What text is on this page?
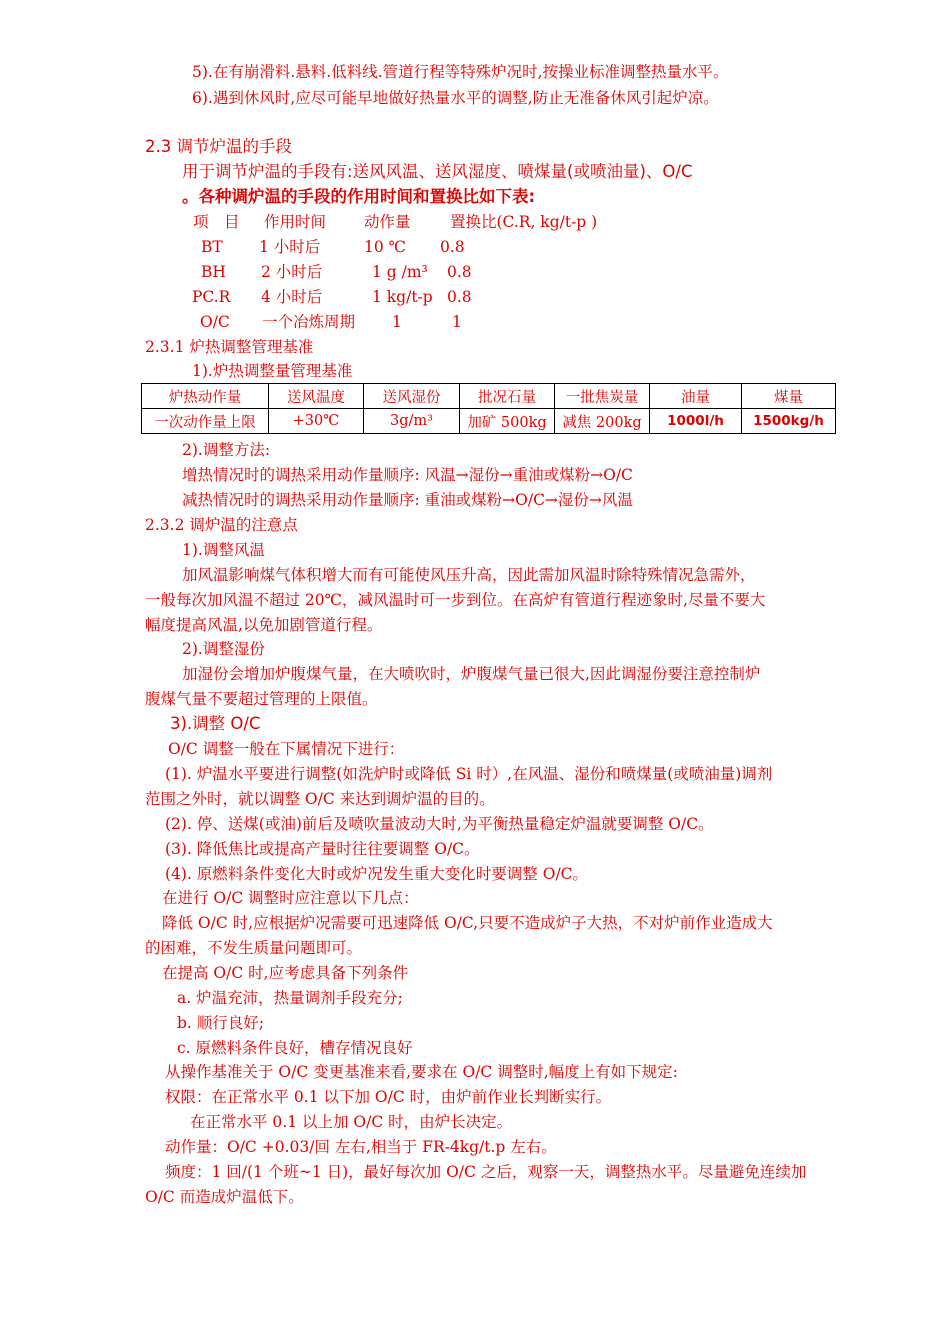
5).在有崩滑料.悬料.低料线.管道行程等特殊炉况时,按操业标准调整热量水平。
6).遇到休风时,应尽可能早地做好热量水平的调整,防止无准备休风引起炉凉。
2.3 调节炉温的手段
用于调节炉温的手段有:送风风温、送风湿度、喷煤量(或喷油量)、O/C
。各种调炉温的手段的作用时间和置换比如下表:
项　目 作用时间 动作量	置换比(C.R, kg/t-p )
BT 1 小时后	10 ℃ 0.8
BH 2 小时后	1 g /m³ 0.8
PC.R 4 小时后	1 kg/t-p 0.8
O/C 一个冶炼周期 1	1
2.3.1 炉热调整管理基准
1).炉热调整量管理基准
炉热动作量	送风温度	送风湿份	批况石量	一批焦炭量	油量	煤量
一次动作量上限	+30℃	3g/m³	加矿 500kg	减焦 200kg	1000l/h	1500kg/h
2).调整方法:
增热情况时的调热采用动作量顺序: 风温→湿份→重油或煤粉→O/C
减热情况时的调热采用动作量顺序: 重油或煤粉→O/C→湿份→风温
2.3.2 调炉温的注意点
1).调整风温
加风温影响煤气体积增大而有可能使风压升高，因此需加风温时除特殊情况急需外，
一般每次加风温不超过 20℃，减风温时可一步到位。在高炉有管道行程迹象时,尽量不要大
幅度提高风温,以免加剧管道行程。
2).调整湿份
加湿份会增加炉腹煤气量，在大喷吹时，炉腹煤气量已很大,因此调湿份要注意控制炉
腹煤气量不要超过管理的上限值。
3).调整 O/C
O/C 调整一般在下属情况下进行：
(1). 炉温水平要进行调整(如洗炉时或降低 Si 时）,在风温、湿份和喷煤量(或喷油量)调剂
范围之外时，就以调整 O/C 来达到调炉温的目的。
(2). 停、送煤(或油)前后及喷吹量波动大时,为平衡热量稳定炉温就要调整 O/C。
(3). 降低焦比或提高产量时往往要调整 O/C。
(4). 原燃料条件变化大时或炉况发生重大变化时要调整 O/C。
在进行 O/C 调整时应注意以下几点：
降低 O/C 时,应根据炉况需要可迅速降低 O/C,只要不造成炉子大热，不对炉前作业造成大
的困难，不发生质量问题即可。
在提高 O/C 时,应考虑具备下列条件
a. 炉温充沛，热量调剂手段充分;
b. 顺行良好;
c. 原燃料条件良好，槽存情况良好
从操作基准关于 O/C 变更基准来看,要求在 O/C 调整时,幅度上有如下规定:
权限：在正常水平 0.1 以下加 O/C 时，由炉前作业长判断实行。
在正常水平 0.1 以上加 O/C 时，由炉长决定。
动作量：O/C +0.03/回 左右,相当于 FR-4kg/t.p 左右。
频度：1 回/(1 个班~1 日)，最好每次加 O/C 之后，观察一天，调整热水平。尽量避免连续加
O/C 而造成炉温低下。
